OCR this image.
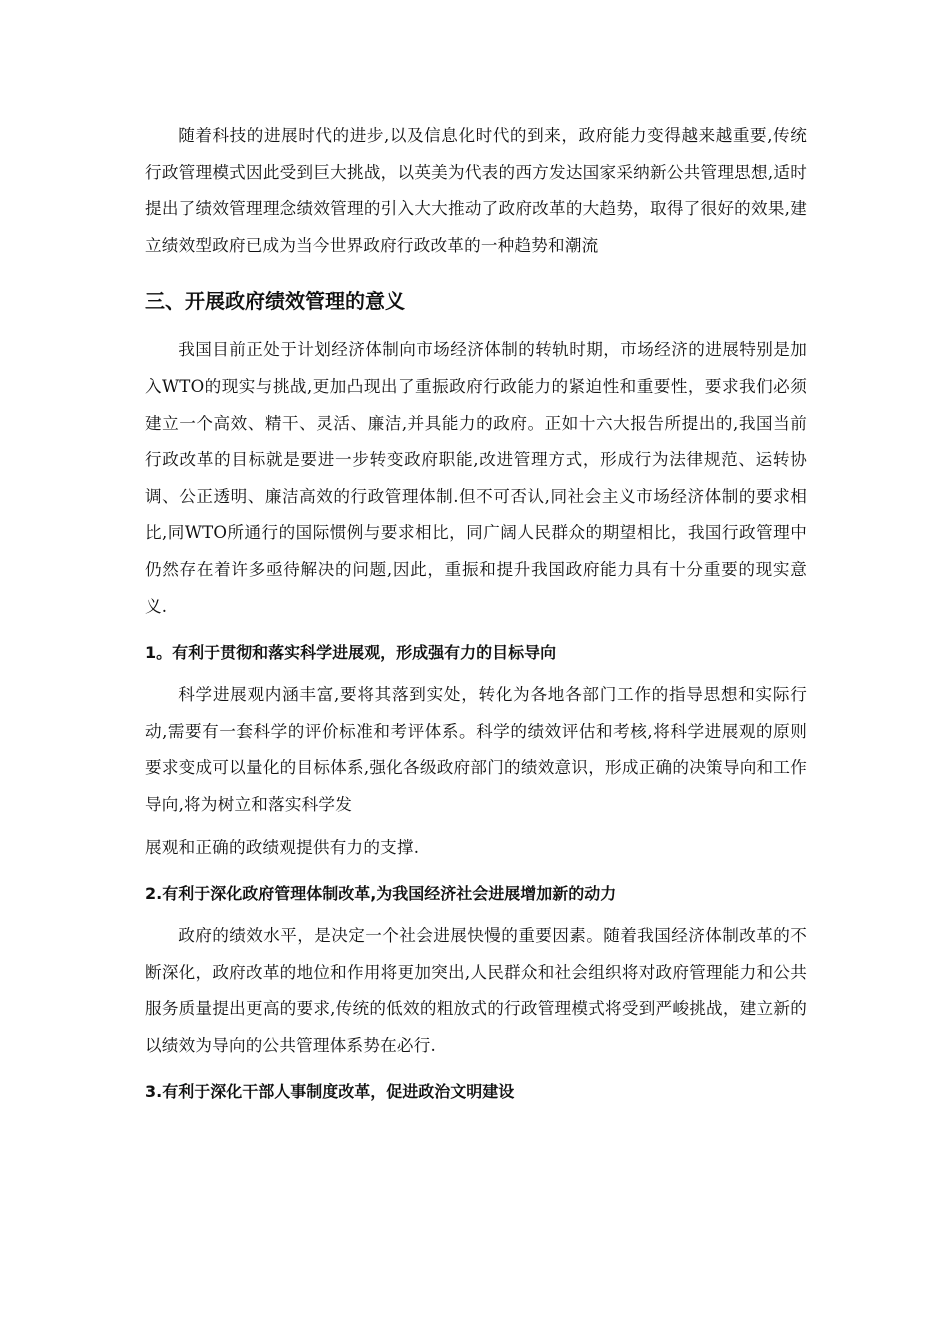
随着科技的进展时代的进步,以及信息化时代的到来，政府能力变得越来越重要,传统行政管理模式因此受到巨大挑战，以英美为代表的西方发达国家采纳新公共管理思想,适时提出了绩效管理理念绩效管理的引入大大推动了政府改革的大趋势，取得了很好的效果,建立绩效型政府已成为当今世界政府行政改革的一种趋势和潮流

三、开展政府绩效管理的意义

我国目前正处于计划经济体制向市场经济体制的转轨时期，市场经济的进展特别是加入WTO的现实与挑战,更加凸现出了重振政府行政能力的紧迫性和重要性，要求我们必须建立一个高效、精干、灵活、廉洁,并具能力的政府。正如十六大报告所提出的,我国当前行政改革的目标就是要进一步转变政府职能,改进管理方式，形成行为法律规范、运转协调、公正透明、廉洁高效的行政管理体制.但不可否认,同社会主义市场经济体制的要求相比,同WTO所通行的国际惯例与要求相比，同广阔人民群众的期望相比，我国行政管理中仍然存在着许多亟待解决的问题,因此，重振和提升我国政府能力具有十分重要的现实意义.

1。有利于贯彻和落实科学进展观，形成强有力的目标导向

科学进展观内涵丰富,要将其落到实处，转化为各地各部门工作的指导思想和实际行动,需要有一套科学的评价标准和考评体系。科学的绩效评估和考核,将科学进展观的原则要求变成可以量化的目标体系,强化各级政府部门的绩效意识，形成正确的决策导向和工作导向,将为树立和落实科学发

展观和正确的政绩观提供有力的支撑.

2.有利于深化政府管理体制改革,为我国经济社会进展增加新的动力

政府的绩效水平，是决定一个社会进展快慢的重要因素。随着我国经济体制改革的不断深化，政府改革的地位和作用将更加突出,人民群众和社会组织将对政府管理能力和公共服务质量提出更高的要求,传统的低效的粗放式的行政管理模式将受到严峻挑战，建立新的以绩效为导向的公共管理体系势在必行.

3.有利于深化干部人事制度改革，促进政治文明建设
